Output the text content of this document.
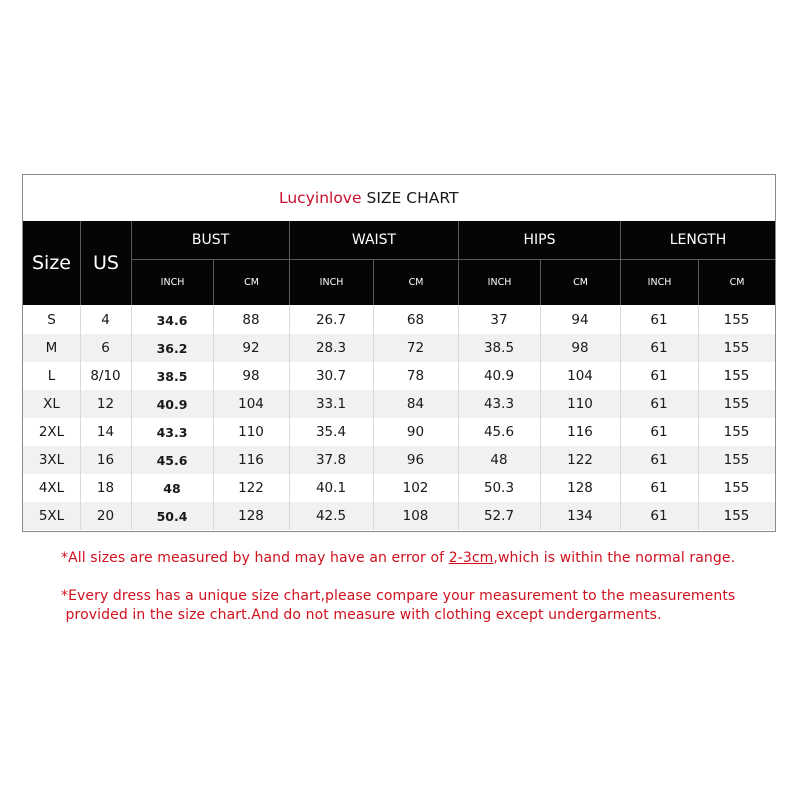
Lucyinlove SIZE CHART
Size	US
BUST	WAIST	HIPS	LENGTH
INCH	CM	INCH	CM	INCH	CM	INCH	CM
S	4	34.6	88	26.7	68	37	94	61	155
M	6	36.2	92	28.3	72	38.5	98	61	155
L	8/10	38.5	98	30.7	78	40.9	104	61	155
XL	12	40.9	104	33.1	84	43.3	110	61	155
2XL	14	43.3	110	35.4	90	45.6	116	61	155
3XL	16	45.6	116	37.8	96	48	122	61	155
4XL	18	48	122	40.1	102	50.3	128	61	155
5XL	20	50.4	128	42.5	108	52.7	134	61	155
*All sizes are measured by hand may have an error of 2-3cm,which is within the normal range.
*Every dress has a unique size chart,please compare your measurement to the measurements
provided in the size chart.And do not measure with clothing except undergarments.
